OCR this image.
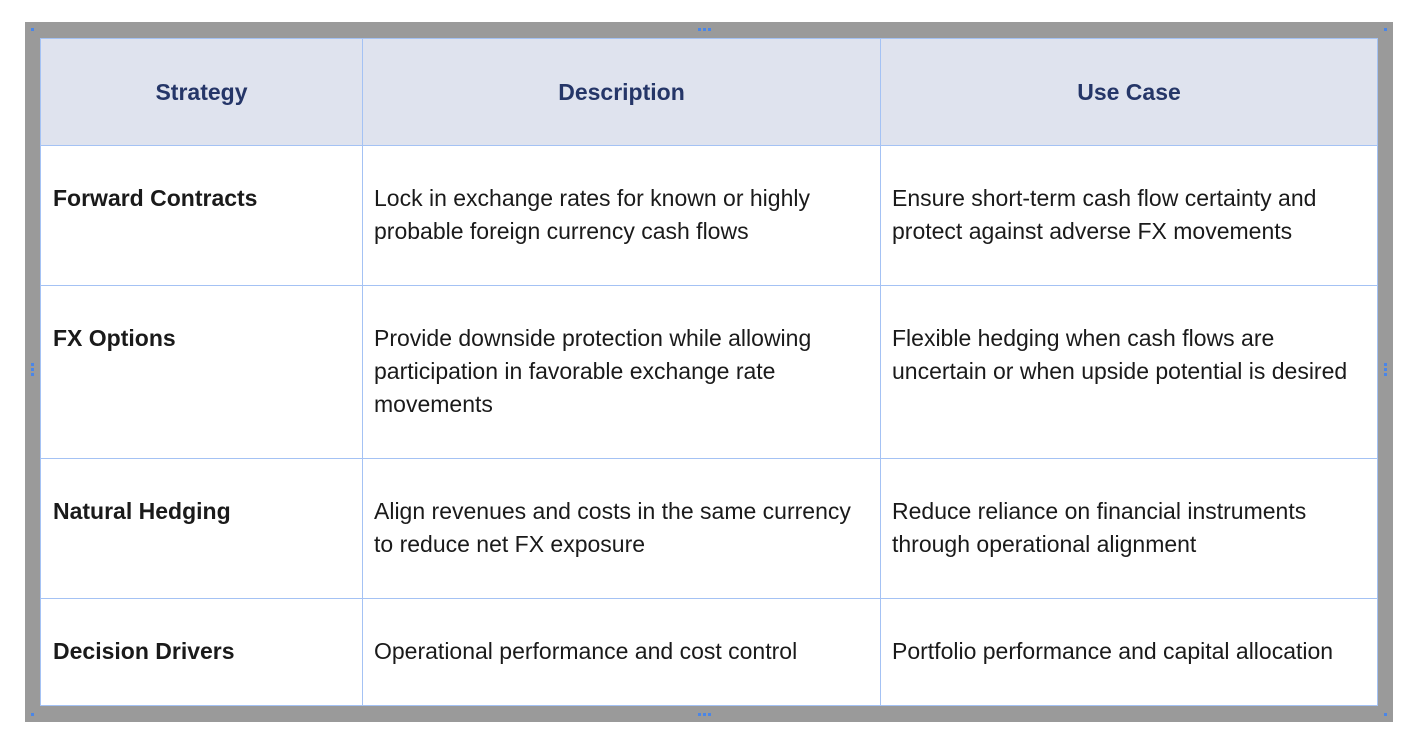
Strategy	Description	Use Case

Forward Contracts	Lock in exchange rates for known or highly probable foreign currency cash flows	Ensure short-term cash flow certainty and protect against adverse FX movements

FX Options	Provide downside protection while allowing participation in favorable exchange rate movements	Flexible hedging when cash flows are uncertain or when upside potential is desired

Natural Hedging	Align revenues and costs in the same currency to reduce net FX exposure	Reduce reliance on financial instruments through operational alignment

Decision Drivers	Operational performance and cost control	Portfolio performance and capital allocation
